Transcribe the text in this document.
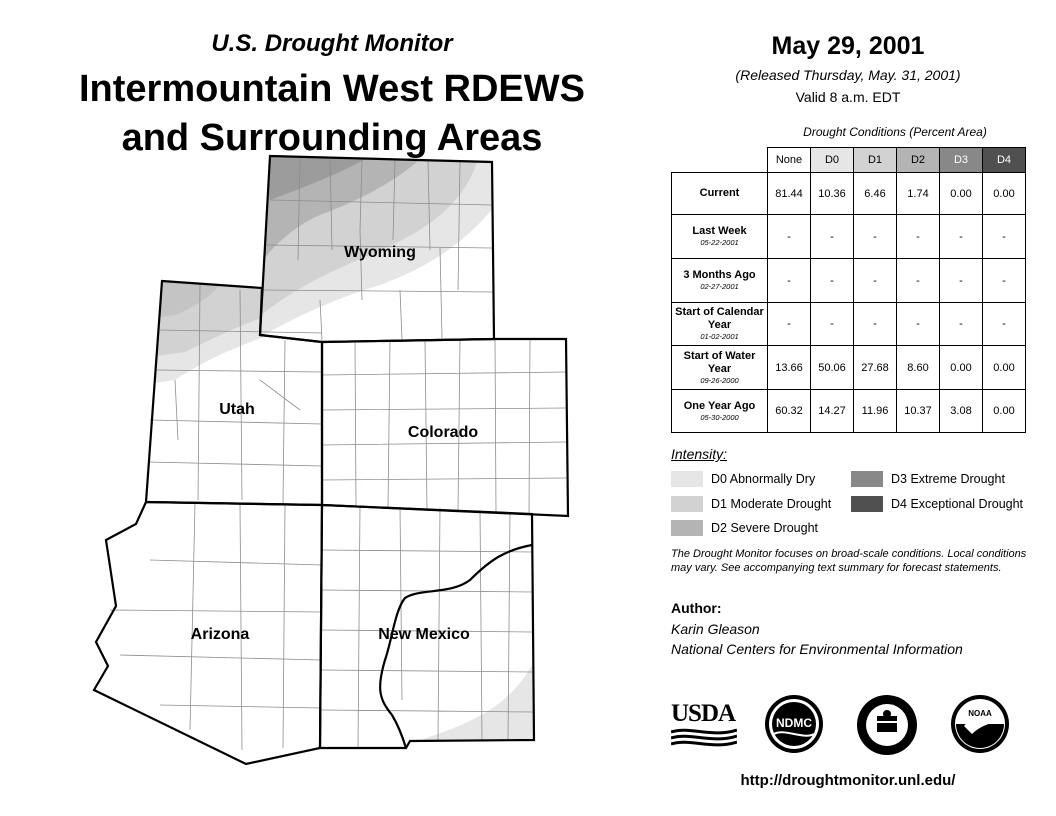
U.S. Drought Monitor
Intermountain West RDEWS
and Surrounding Areas
Wyoming
Utah
Colorado
Arizona	New Mexico
May 29, 2001
(Released Thursday, May. 31, 2001)
Valid 8 a.m. EDT
Drought Conditions (Percent Area)
	None	D0	D1	D2	D3	D4
Current	81.44	10.36	6.46	1.74	0.00	0.00
Last Week
05-22-2001	-	-	-	-	-	-
3 Months Ago
02-27-2001	-	-	-	-	-	-
Start of Calendar Year
01-02-2001	-	-	-	-	-	-
Start of Water Year
09-26-2000	13.66	50.06	27.68	8.60	0.00	0.00
One Year Ago
05-30-2000	60.32	14.27	11.96	10.37	3.08	0.00
Intensity:
D0 Abnormally Dry
D1 Moderate Drought
D2 Severe Drought
D3 Extreme Drought
D4 Exceptional Drought
The Drought Monitor focuses on broad-scale conditions. Local conditions may vary. See accompanying text summary for forecast statements.
Author:
Karin Gleason
National Centers for Environmental Information
USDA	NDMC
NOAA
http://droughtmonitor.unl.edu/
